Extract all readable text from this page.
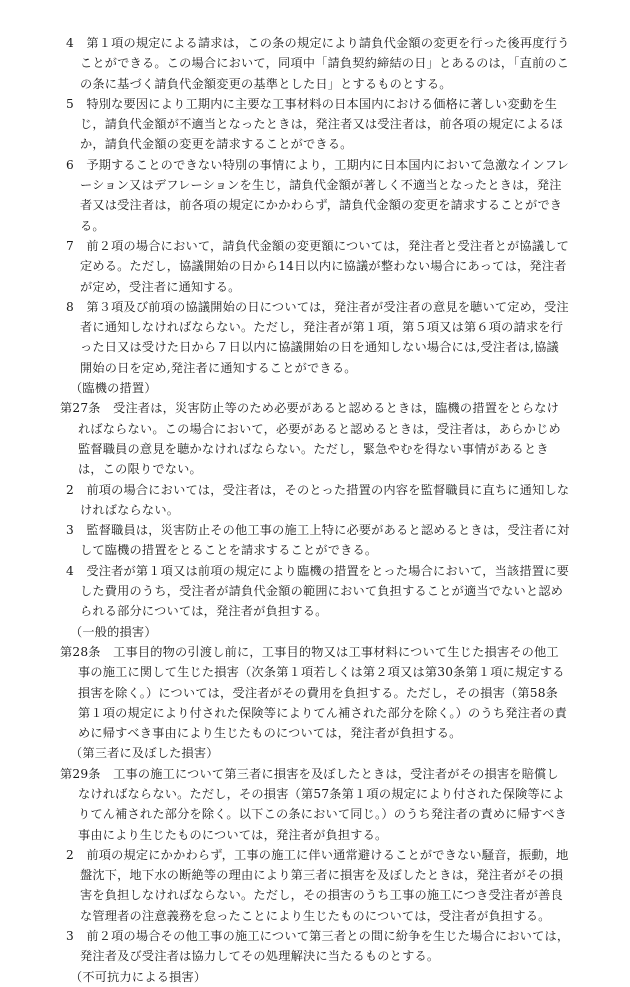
4　 第１項の規定による請求は，この条の規定により請負代金額の変更を行った後再度行うことができる。この場合において，同項中「請負契約締結の日」とあるのは，「直前のこの条に基づく請負代金額変更の基準とした日」とするものとする。
5　 特別な要因により工期内に主要な工事材料の日本国内における価格に著しい変動を生じ，請負代金額が不適当となったときは，発注者又は受注者は，前各項の規定によるほか，請負代金額の変更を請求することができる。
6　 予期することのできない特別の事情により，工期内に日本国内において急激なインフレーション又はデフレーションを生じ，請負代金額が著しく不適当となったときは，発注者又は受注者は，前各項の規定にかかわらず，請負代金額の変更を請求することができる。
7　 前２項の場合において，請負代金額の変更額については，発注者と受注者とが協議して定める。ただし，協議開始の日から14日以内に協議が整わない場合にあっては，発注者が定め，受注者に通知する。
8　 第３項及び前項の協議開始の日については，発注者が受注者の意見を聴いて定め，受注者に通知しなければならない。ただし，発注者が第１項，第５項又は第６項の請求を行った日又は受けた日から７日以内に協議開始の日を通知しない場合には,受注者は,協議開始の日を定め,発注者に通知することができる。
（臨機の措置）
第27条　 受注者は，災害防止等のため必要があると認めるときは，臨機の措置をとらなければならない。この場合において，必要があると認めるときは，受注者は，あらかじめ監督職員の意見を聴かなければならない。ただし，緊急やむを得ない事情があるときは，この限りでない。
2　 前項の場合においては，受注者は，そのとった措置の内容を監督職員に直ちに通知しなければならない。
3　 監督職員は，災害防止その他工事の施工上特に必要があると認めるときは，受注者に対して臨機の措置をとることを請求することができる。
4　 受注者が第１項又は前項の規定により臨機の措置をとった場合において，当該措置に要した費用のうち，受注者が請負代金額の範囲において負担することが適当でないと認められる部分については，発注者が負担する。
（一般的損害）
第28条　 工事目的物の引渡し前に，工事目的物又は工事材料について生じた損害その他工事の施工に関して生じた損害（次条第１項若しくは第２項又は第30条第１項に規定する損害を除く。）については，受注者がその費用を負担する。ただし，その損害（第58条第１項の規定により付された保険等によりてん補された部分を除く。）のうち発注者の責めに帰すべき事由により生じたものについては，発注者が負担する。
（第三者に及ぼした損害）
第29条　 工事の施工について第三者に損害を及ぼしたときは，受注者がその損害を賠償しなければならない。ただし，その損害（第57条第１項の規定により付された保険等によりてん補された部分を除く。以下この条において同じ。）のうち発注者の責めに帰すべき事由により生じたものについては，発注者が負担する。
2　 前項の規定にかかわらず，工事の施工に伴い通常避けることができない騒音，振動，地盤沈下，地下水の断絶等の理由により第三者に損害を及ぼしたときは，発注者がその損害を負担しなければならない。ただし，その損害のうち工事の施工につき受注者が善良な管理者の注意義務を怠ったことにより生じたものについては，受注者が負担する。
3　 前２項の場合その他工事の施工について第三者との間に紛争を生じた場合においては，発注者及び受注者は協力してその処理解決に当たるものとする。
（不可抗力による損害）
